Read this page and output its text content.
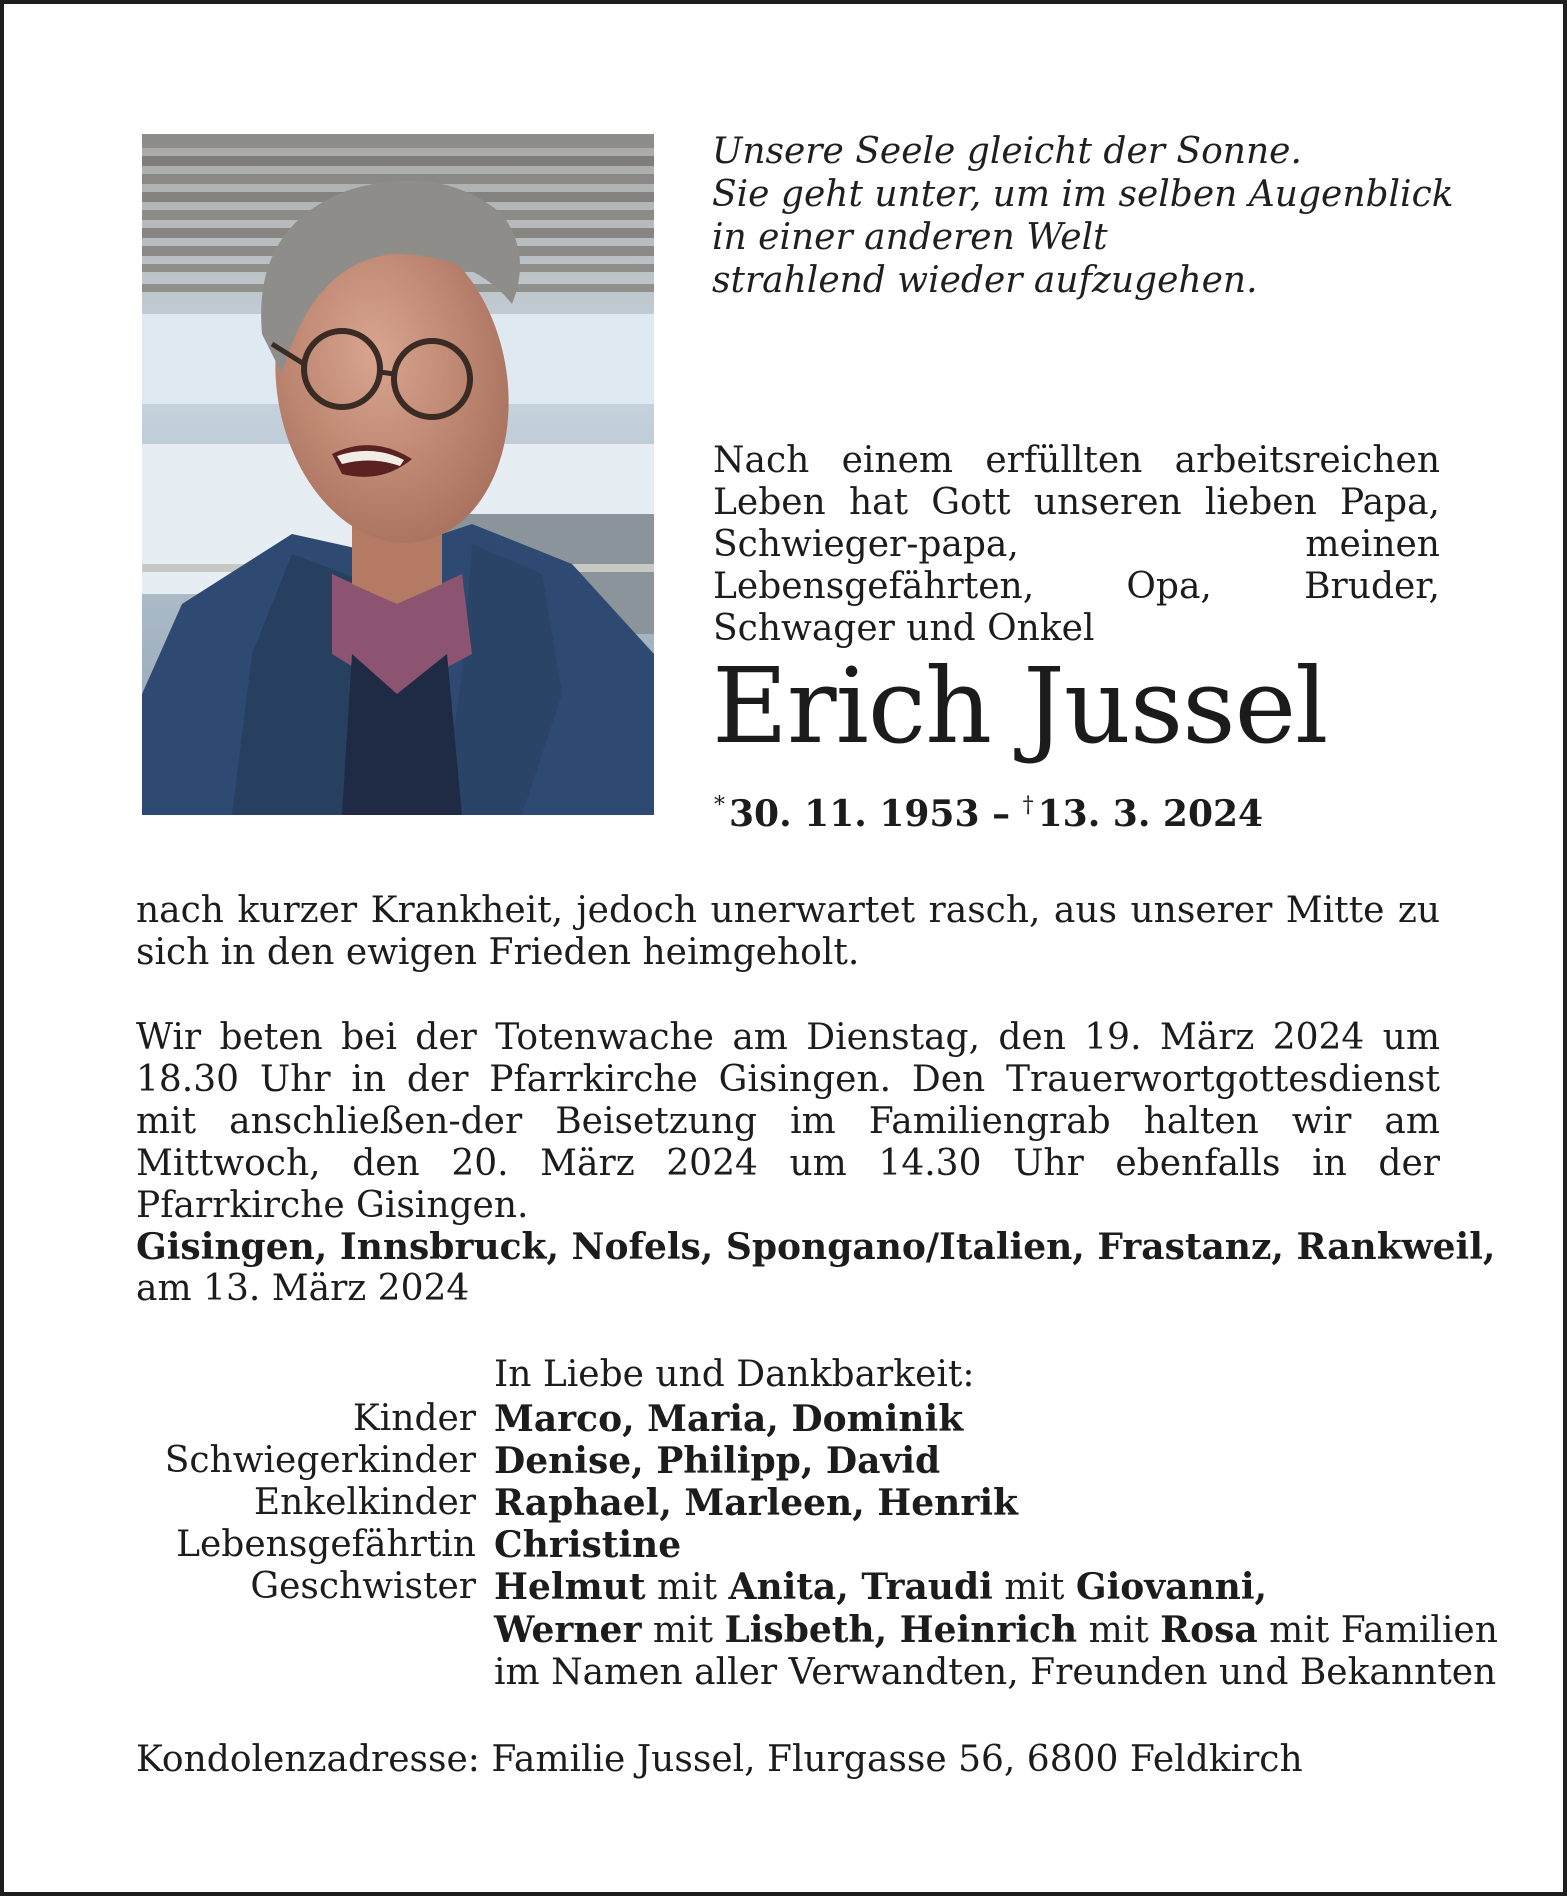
Unsere Seele gleicht der Sonne.
Sie geht unter, um im selben Augenblick
in einer anderen Welt
strahlend wieder aufzugehen.
Nach einem erfüllten arbeitsreichen Leben hat Gott unseren lieben Papa, Schwieger-papa, meinen Lebensgefährten, Opa, Bruder, Schwager und Onkel
Erich Jussel
* 30. 11. 1953 – † 13. 3. 2024
nach kurzer Krankheit, jedoch unerwartet rasch, aus unserer Mitte zu sich in den ewigen Frieden heimgeholt.
Wir beten bei der Totenwache am Dienstag, den 19. März 2024 um 18.30 Uhr in der Pfarrkirche Gisingen. Den Trauerwortgottesdienst mit anschließen-der Beisetzung im Familiengrab halten wir am Mittwoch, den 20. März 2024 um 14.30 Uhr ebenfalls in der Pfarrkirche Gisingen.
Gisingen, Innsbruck, Nofels, Spongano/Italien, Frastanz, Rankweil,
am 13. März 2024
In Liebe und Dankbarkeit:
Kinder Marco, Maria, Dominik
Schwiegerkinder Denise, Philipp, David
Enkelkinder Raphael, Marleen, Henrik
Lebensgefährtin Christine
Geschwister Helmut mit Anita, Traudi mit Giovanni,
Werner mit Lisbeth, Heinrich mit Rosa mit Familien
im Namen aller Verwandten, Freunden und Bekannten
Kondolenzadresse: Familie Jussel, Flurgasse 56, 6800 Feldkirch
